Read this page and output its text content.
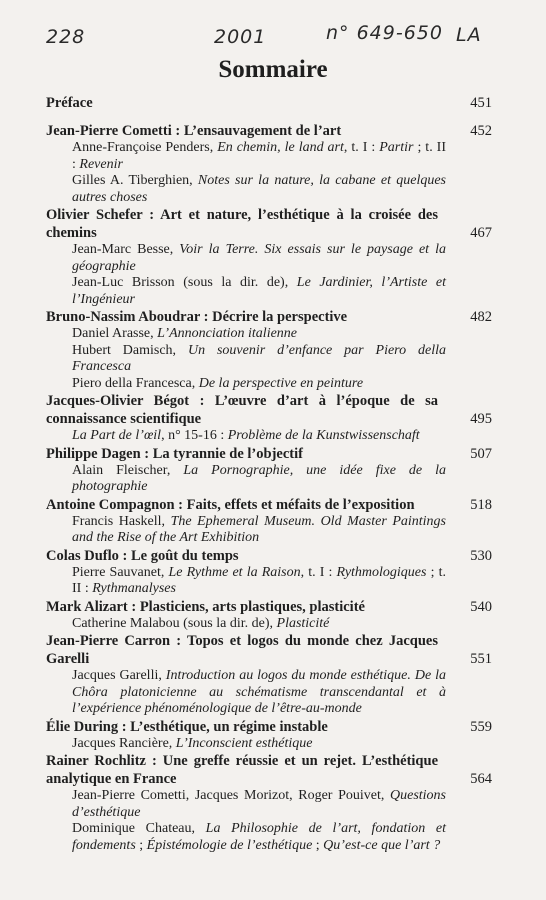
228	2001	n° 649-650 LA
Sommaire
Préface	451
Jean-Pierre Cometti : L’ensauvagement de l’art	452
Anne-Françoise Penders, En chemin, le land art, t. I : Partir ; t. II : Revenir
Gilles A. Tiberghien, Notes sur la nature, la cabane et quelques autres choses
Olivier Schefer : Art et nature, l’esthétique à la croisée des chemins	467
Jean-Marc Besse, Voir la Terre. Six essais sur le paysage et la géographie
Jean-Luc Brisson (sous la dir. de), Le Jardinier, l’Artiste et l’Ingénieur
Bruno-Nassim Aboudrar : Décrire la perspective	482
Daniel Arasse, L’Annonciation italienne
Hubert Damisch, Un souvenir d’enfance par Piero della Francesca
Piero della Francesca, De la perspective en peinture
Jacques-Olivier Bégot : L’œuvre d’art à l’époque de sa connaissance scientifique	495
La Part de l’œil, n° 15-16 : Problème de la Kunstwissenschaft
Philippe Dagen : La tyrannie de l’objectif	507
Alain Fleischer, La Pornographie, une idée fixe de la photographie
Antoine Compagnon : Faits, effets et méfaits de l’exposition	518
Francis Haskell, The Ephemeral Museum. Old Master Paintings and the Rise of the Art Exhibition
Colas Duflo : Le goût du temps	530
Pierre Sauvanet, Le Rythme et la Raison, t. I : Rythmologiques ; t. II : Rythmanalyses
Mark Alizart : Plasticiens, arts plastiques, plasticité	540
Catherine Malabou (sous la dir. de), Plasticité
Jean-Pierre Carron : Topos et logos du monde chez Jacques Garelli	551
Jacques Garelli, Introduction au logos du monde esthétique. De la Chôra platonicienne au schématisme transcendantal et à l’expérience phénoménologique de l’être-au-monde
Élie During : L’esthétique, un régime instable	559
Jacques Rancière, L’Inconscient esthétique
Rainer Rochlitz : Une greffe réussie et un rejet. L’esthétique analytique en France	564
Jean-Pierre Cometti, Jacques Morizot, Roger Pouivet, Questions d’esthétique
Dominique Chateau, La Philosophie de l’art, fondation et fondements ; Épistémologie de l’esthétique ; Qu’est-ce que l’art ?
